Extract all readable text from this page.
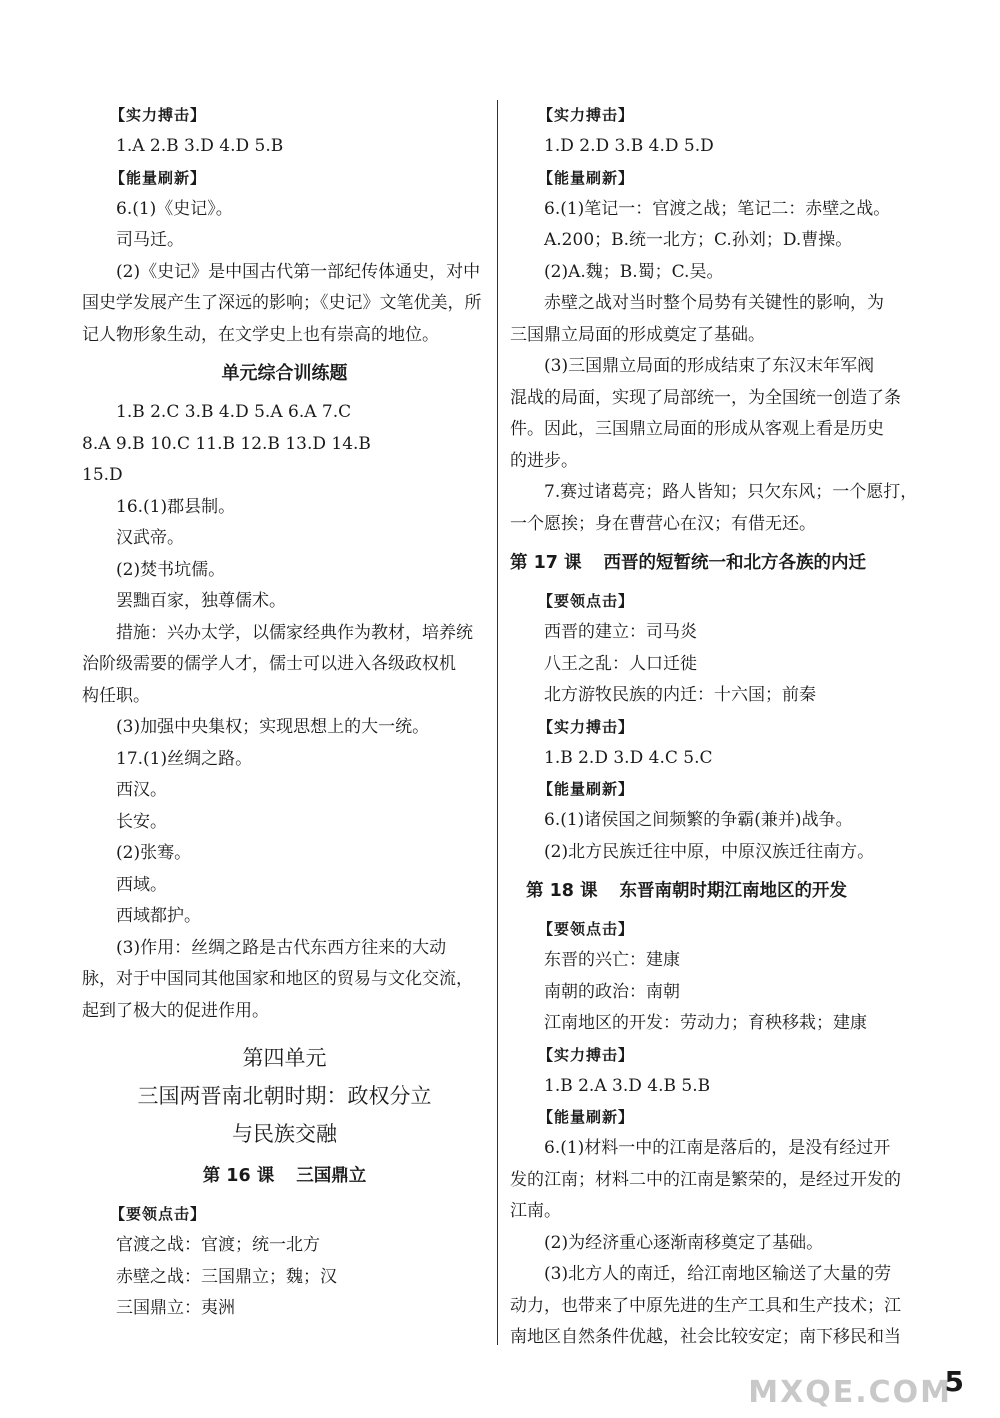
【实力搏击】
1.A 2.B 3.D 4.D 5.B
【能量刷新】
6.(1)《史记》。
司马迁。
(2)《史记》是中国古代第一部纪传体通史，对中
国史学发展产生了深远的影响；《史记》文笔优美，所
记人物形象生动，在文学史上也有崇高的地位。
单元综合训练题
1.B 2.C 3.B 4.D 5.A 6.A 7.C
8.A 9.B 10.C 11.B 12.B 13.D 14.B
15.D
16.(1)郡县制。
汉武帝。
(2)焚书坑儒。
罢黜百家，独尊儒术。
措施：兴办太学，以儒家经典作为教材，培养统
治阶级需要的儒学人才，儒士可以进入各级政权机
构任职。
(3)加强中央集权；实现思想上的大一统。
17.(1)丝绸之路。
西汉。
长安。
(2)张骞。
西域。
西域都护。
(3)作用：丝绸之路是古代东西方往来的大动
脉，对于中国同其他国家和地区的贸易与文化交流，
起到了极大的促进作用。
第四单元
三国两晋南北朝时期：政权分立
与民族交融
第 16 课 三国鼎立
【要领点击】
官渡之战：官渡；统一北方
赤壁之战：三国鼎立；魏；汉
三国鼎立：夷洲
【实力搏击】
1.D 2.D 3.B 4.D 5.D
【能量刷新】
6.(1)笔记一：官渡之战；笔记二：赤壁之战。
A.200；B.统一北方；C.孙刘；D.曹操。
(2)A.魏；B.蜀；C.吴。
赤壁之战对当时整个局势有关键性的影响，为
三国鼎立局面的形成奠定了基础。
(3)三国鼎立局面的形成结束了东汉末年军阀
混战的局面，实现了局部统一，为全国统一创造了条
件。因此，三国鼎立局面的形成从客观上看是历史
的进步。
7.赛过诸葛亮；路人皆知；只欠东风；一个愿打，
一个愿挨；身在曹营心在汉；有借无还。
第 17 课 西晋的短暂统一和北方各族的内迁
【要领点击】
西晋的建立：司马炎
八王之乱：人口迁徙
北方游牧民族的内迁：十六国；前秦
【实力搏击】
1.B 2.D 3.D 4.C 5.C
【能量刷新】
6.(1)诸侯国之间频繁的争霸(兼并)战争。
(2)北方民族迁往中原，中原汉族迁往南方。
第 18 课 东晋南朝时期江南地区的开发
【要领点击】
东晋的兴亡：建康
南朝的政治：南朝
江南地区的开发：劳动力；育秧移栽；建康
【实力搏击】
1.B 2.A 3.D 4.B 5.B
【能量刷新】
6.(1)材料一中的江南是落后的，是没有经过开
发的江南；材料二中的江南是繁荣的，是经过开发的
江南。
(2)为经济重心逐渐南移奠定了基础。
(3)北方人的南迁，给江南地区输送了大量的劳
动力，也带来了中原先进的生产工具和生产技术；江
南地区自然条件优越，社会比较安定；南下移民和当
MXQE.COM
5
